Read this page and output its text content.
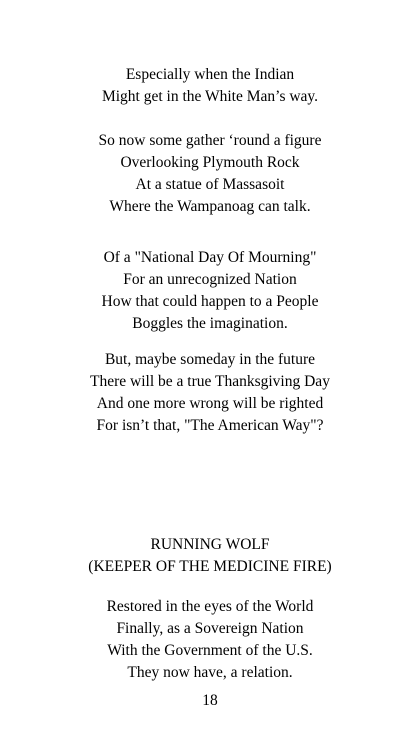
Especially when the Indian
Might get in the White Man’s way.
So now some gather ‘round a figure
Overlooking Plymouth Rock
At a statue of Massasoit
Where the Wampanoag can talk.
Of a "National Day Of Mourning"
For an unrecognized Nation
How that could happen to a People
Boggles the imagination.
But, maybe someday in the future
There will be a true Thanksgiving Day
And one more wrong will be righted
For isn’t that, "The American Way"?
RUNNING WOLF
(KEEPER OF THE MEDICINE FIRE)
Restored in the eyes of the World
Finally, as a Sovereign Nation
With the Government of the U.S.
They now have, a relation.
18
